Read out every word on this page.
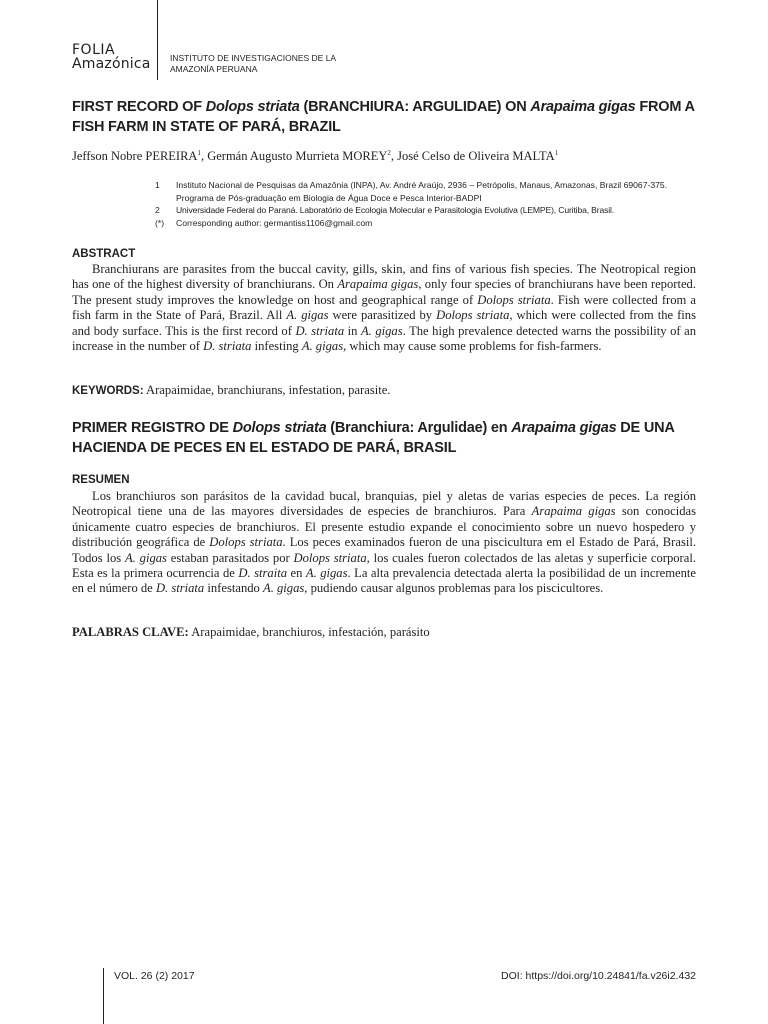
FOLIA
Amazónica INSTITUTO DE INVESTIGACIONES DE LA
AMAZONÍA PERUANA
FIRST RECORD OF Dolops striata (BRANCHIURA: ARGULIDAE) ON Arapaima gigas FROM A FISH FARM IN STATE OF PARÁ, BRAZIL
Jeffson Nobre PEREIRA$^1$, Germán Augusto Murrieta MOREY$^2$, José Celso de Oliveira MALTA$^1$
1	Instituto Nacional de Pesquisas da Amazônia (INPA), Av. André Araújo, 2936 – Petrópolis, Manaus, Amazonas, Brazil 69067-375. Programa de Pós-graduação em Biologia de Água Doce e Pesca Interior-BADPI
2	Universidade Federal do Paraná. Laboratório de Ecologia Molecular e Parasitologia Evolutiva (LEMPE), Curitiba, Brasil.
(*)	Corresponding author: germantiss1106@gmail.com
ABSTRACT

Branchiurans are parasites from the buccal cavity, gills, skin, and fins of various fish species. The Neotropical region has one of the highest diversity of branchiurans. On Arapaima gigas, only four species of branchiurans have been reported. The present study improves the knowledge on host and geographical range of Dolops striata. Fish were collected from a fish farm in the State of Pará, Brazil. All A. gigas were parasitized by Dolops striata, which were collected from the fins and body surface. This is the first record of D. striata in A. gigas. The high prevalence detected warns the possibility of an increase in the number of D. striata infesting A. gigas, which may cause some problems for fish-farmers.

KEYWORDS: Arapaimidae, branchiurans, infestation, parasite.
PRIMER REGISTRO DE Dolops striata (Branchiura: Argulidae) en Arapaima gigas DE UNA HACIENDA DE PECES EN EL ESTADO DE PARÁ, BRASIL
RESUMEN

Los branchiuros son parásitos de la cavidad bucal, branquias, piel y aletas de varias especies de peces. La región Neotropical tiene una de las mayores diversidades de especies de branchiuros. Para Arapaima gigas son conocidas únicamente cuatro especies de branchiuros. El presente estudio expande el conocimiento sobre un nuevo hospedero y distribución geográfica de Dolops striata. Los peces examinados fueron de una piscicultura em el Estado de Pará, Brasil. Todos los A. gigas estaban parasitados por Dolops striata, los cuales fueron colectados de las aletas y superficie corporal. Esta es la primera ocurrencia de D. straita en A. gigas. La alta prevalencia detectada alerta la posibilidad de un incremente en el número de D. striata infestando A. gigas, pudiendo causar algunos problemas para los piscicultores.

PALABRAS CLAVE: Arapaimidae, branchiuros, infestación, parásito
VOL. 26 (2) 2017	DOI: https://doi.org/10.24841/fa.v26i2.432
